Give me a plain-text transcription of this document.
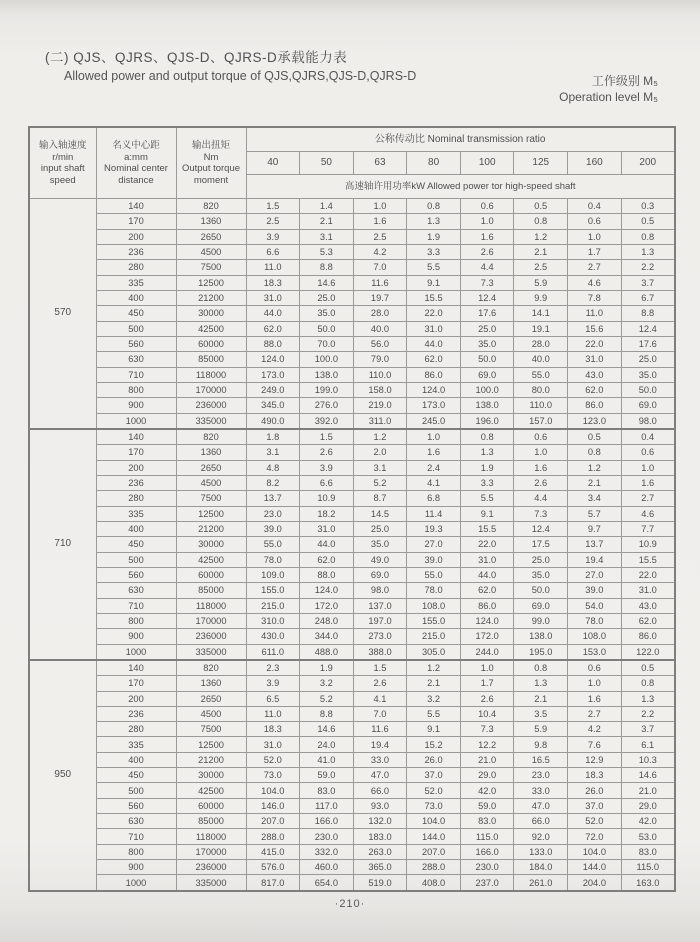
(二) QJS、QJRS、QJS-D、QJRS-D承载能力表
Allowed power and output torque of QJS,QJRS,QJS-D,QJRS-D	工作级别 M₅
Operation level M₅
输入轴速度
r/min
input shaft
speed

名义中心距
a:mm
Nominal center
distance

输出扭矩
Nm
Output torque
moment
	公称传动比 Nominal transmission ratio
			40	50	63	80	100	125	160	200
			高速轴许用功率kW Allowed power tor high-speed shaft							
570	140	820	1.5	1.4	1.0	0.8	0.6	0.5	0.4	0.3
	170	1360	2.5	2.1	1.6	1.3	1.0	0.8	0.6	0.5
	200	2650	3.9	3.1	2.5	1.9	1.6	1.2	1.0	0.8
	236	4500	6.6	5.3	4.2	3.3	2.6	2.1	1.7	1.3
	280	7500	11.0	8.8	7.0	5.5	4.4	2.5	2.7	2.2
	335	12500	18.3	14.6	11.6	9.1	7.3	5.9	4.6	3.7
	400	21200	31.0	25.0	19.7	15.5	12.4	9.9	7.8	6.7
	450	30000	44.0	35.0	28.0	22.0	17.6	14.1	11.0	8.8
	500	42500	62.0	50.0	40.0	31.0	25.0	19.1	15.6	12.4
	560	60000	88.0	70.0	56.0	44.0	35.0	28.0	22.0	17.6
	630	85000	124.0	100.0	79.0	62.0	50.0	40.0	31.0	25.0
	710	118000	173.0	138.0	110.0	86.0	69.0	55.0	43.0	35.0
	800	170000	249.0	199.0	158.0	124.0	100.0	80.0	62.0	50.0
	900	236000	345.0	276.0	219.0	173.0	138.0	110.0	86.0	69.0
	1000	335000	490.0	392.0	311.0	245.0	196.0	157.0	123.0	98.0
710	140	820	1.8	1.5	1.2	1.0	0.8	0.6	0.5	0.4
	170	1360	3.1	2.6	2.0	1.6	1.3	1.0	0.8	0.6
	200	2650	4.8	3.9	3.1	2.4	1.9	1.6	1.2	1.0
	236	4500	8.2	6.6	5.2	4.1	3.3	2.6	2.1	1.6
	280	7500	13.7	10.9	8.7	6.8	5.5	4.4	3.4	2.7
	335	12500	23.0	18.2	14.5	11.4	9.1	7.3	5.7	4.6
	400	21200	39.0	31.0	25.0	19.3	15.5	12.4	9.7	7.7
	450	30000	55.0	44.0	35.0	27.0	22.0	17.5	13.7	10.9
	500	42500	78.0	62.0	49.0	39.0	31.0	25.0	19.4	15.5
	560	60000	109.0	88.0	69.0	55.0	44.0	35.0	27.0	22.0
	630	85000	155.0	124.0	98.0	78.0	62.0	50.0	39.0	31.0
	710	118000	215.0	172.0	137.0	108.0	86.0	69.0	54.0	43.0
	800	170000	310.0	248.0	197.0	155.0	124.0	99.0	78.0	62.0
	900	236000	430.0	344.0	273.0	215.0	172.0	138.0	108.0	86.0
	1000	335000	611.0	488.0	388.0	305.0	244.0	195.0	153.0	122.0
950	140	820	2.3	1.9	1.5	1.2	1.0	0.8	0.6	0.5
	170	1360	3.9	3.2	2.6	2.1	1.7	1.3	1.0	0.8
	200	2650	6.5	5.2	4.1	3.2	2.6	2.1	1.6	1.3
	236	4500	11.0	8.8	7.0	5.5	10.4	3.5	2.7	2.2
	280	7500	18.3	14.6	11.6	9.1	7.3	5.9	4.2	3.7
	335	12500	31.0	24.0	19.4	15.2	12.2	9.8	7.6	6.1
	400	21200	52.0	41.0	33.0	26.0	21.0	16.5	12.9	10.3
	450	30000	73.0	59.0	47.0	37.0	29.0	23.0	18.3	14.6
	500	42500	104.0	83.0	66.0	52.0	42.0	33.0	26.0	21.0
	560	60000	146.0	117.0	93.0	73.0	59.0	47.0	37.0	29.0
	630	85000	207.0	166.0	132.0	104.0	83.0	66.0	52.0	42.0
	710	118000	288.0	230.0	183.0	144.0	115.0	92.0	72.0	53.0
	800	170000	415.0	332.0	263.0	207.0	166.0	133.0	104.0	83.0
	900	236000	576.0	460.0	365.0	288.0	230.0	184.0	144.0	115.0
	1000	335000	817.0	654.0	519.0	408.0	237.0	261.0	204.0	163.0
·210·
